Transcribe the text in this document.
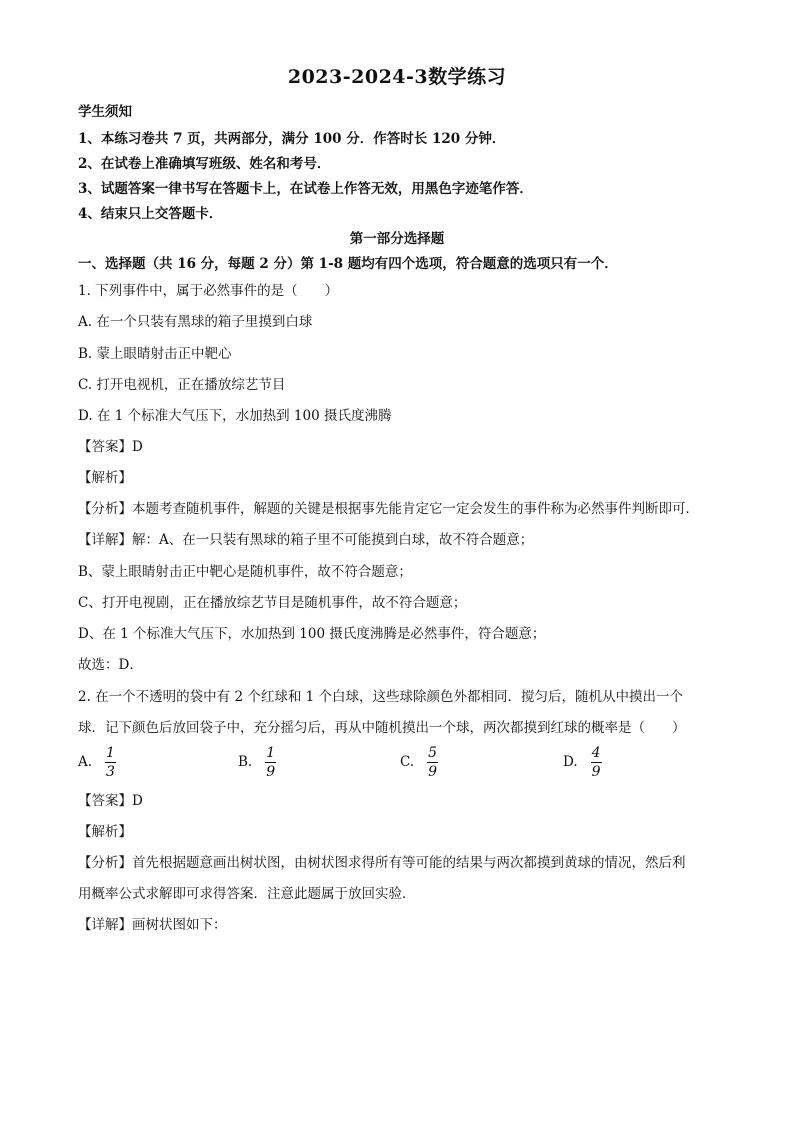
2023-2024-3数学练习
学生须知
1、本练习卷共 7 页，共两部分，满分 100 分．作答时长 120 分钟．
2、在试卷上准确填写班级、姓名和考号．
3、试题答案一律书写在答题卡上，在试卷上作答无效，用黑色字迹笔作答．
4、结束只上交答题卡．
第一部分选择题
一、选择题（共 16 分，每题 2 分）第 1-8 题均有四个选项，符合题意的选项只有一个．
1. 下列事件中，属于必然事件的是（　　）
A. 在一个只装有黑球的箱子里摸到白球
B. 蒙上眼睛射击正中靶心
C. 打开电视机，正在播放综艺节目
D. 在 1 个标准大气压下，水加热到 100 摄氏度沸腾
【答案】D
【解析】
【分析】本题考查随机事件，解题的关键是根据事先能肯定它一定会发生的事件称为必然事件判断即可．
【详解】解：A、在一只装有黑球的箱子里不可能摸到白球，故不符合题意；
B、蒙上眼睛射击正中靶心是随机事件，故不符合题意；
C、打开电视剧，正在播放综艺节目是随机事件，故不符合题意；
D、在 1 个标准大气压下，水加热到 100 摄氏度沸腾是必然事件，符合题意；
故选：D．
2. 在一个不透明的袋中有 2 个红球和 1 个白球，这些球除颜色外都相同．搅匀后，随机从中摸出一个
球．记下颜色后放回袋子中，充分摇匀后，再从中随机摸出一个球，两次都摸到红球的概率是（　　）
A. $\frac{1}{3}$	B. $\frac{1}{9}$	C. $\frac{5}{9}$	D. $\frac{4}{9}$
【答案】D
【解析】
【分析】首先根据题意画出树状图，由树状图求得所有等可能的结果与两次都摸到黄球的情况，然后利
用概率公式求解即可求得答案．注意此题属于放回实验．
【详解】画树状图如下：
